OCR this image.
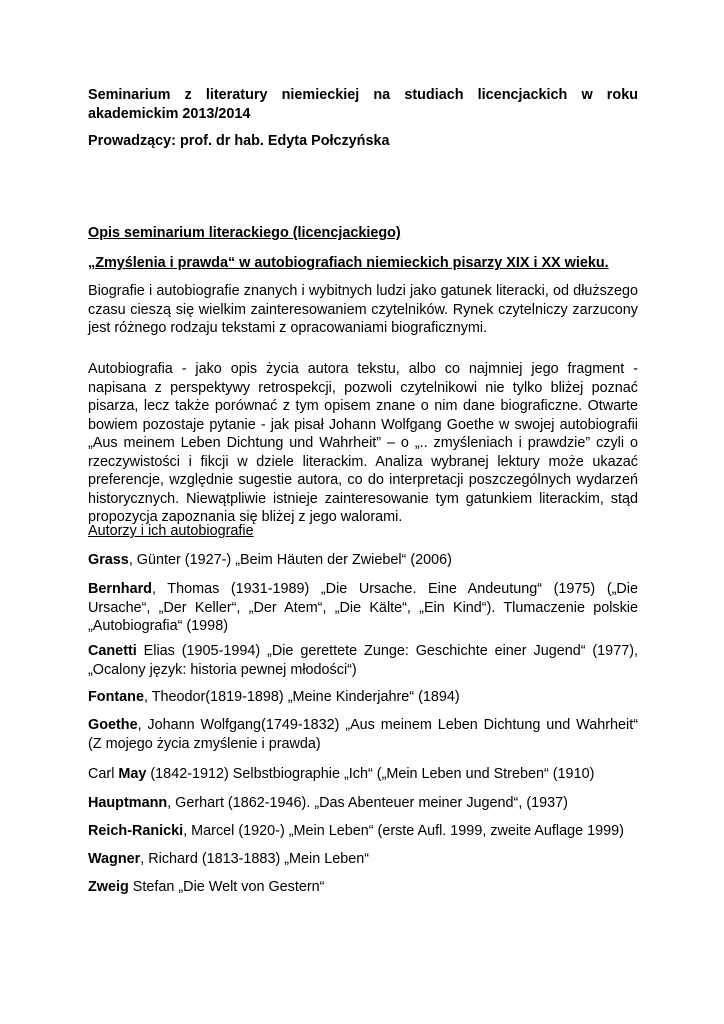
Seminarium z literatury niemieckiej na studiach licencjackich w roku akademickim 2013/2014

Prowadzący: prof. dr hab. Edyta Połczyńska

Opis seminarium literackiego (licencjackiego)

„Zmyślenia i prawda“ w autobiografiach niemieckich pisarzy XIX i XX wieku.

Biografie i autobiografie znanych i wybitnych ludzi jako gatunek literacki, od dłuższego czasu cieszą się wielkim zainteresowaniem czytelników. Rynek czytelniczy zarzucony jest różnego rodzaju tekstami z opracowaniami biograficznymi.

Autobiografia - jako opis życia autora tekstu, albo co najmniej jego fragment - napisana z perspektywy retrospekcji, pozwoli czytelnikowi nie tylko bliżej poznać pisarza, lecz także porównać z tym opisem znane o nim dane biograficzne. Otwarte bowiem pozostaje pytanie - jak pisał Johann Wolfgang Goethe w swojej autobiografii „Aus meinem Leben Dichtung und Wahrheit” – o „.. zmyśleniach i prawdzie” czyli o rzeczywistości i fikcji w dziele literackim. Analiza wybranej lektury może ukazać preferencje, względnie sugestie autora, co do interpretacji poszczególnych wydarzeń historycznych. Niewątpliwie istnieje zainteresowanie tym gatunkiem literackim, stąd propozycja zapoznania się bliżej z jego walorami.

Autorzy i ich autobiografie

Grass, Günter (1927-) „Beim Häuten der Zwiebel“ (2006)

Bernhard, Thomas (1931-1989) „Die Ursache. Eine Andeutung“ (1975) („Die Ursache“, „Der Keller“, „Der Atem“, „Die Kälte“, „Ein Kind“). Tlumaczenie polskie „Autobiografia“ (1998)

Canetti Elias (1905-1994) „Die gerettete Zunge: Geschichte einer Jugend“ (1977), „Ocalony język: historia pewnej młodości“)

Fontane, Theodor(1819-1898) „Meine Kinderjahre“ (1894)

Goethe, Johann Wolfgang(1749-1832) „Aus meinem Leben Dichtung und Wahrheit“ (Z mojego życia zmyślenie i prawda)

Carl May (1842-1912) Selbstbiographie „Ich“ („Mein Leben und Streben“ (1910)

Hauptmann, Gerhart (1862-1946). „Das Abenteuer meiner Jugend“, (1937)

Reich-Ranicki, Marcel (1920-) „Mein Leben“ (erste Aufl. 1999, zweite Auflage 1999)

Wagner, Richard (1813-1883) „Mein Leben“

Zweig Stefan „Die Welt von Gestern“
